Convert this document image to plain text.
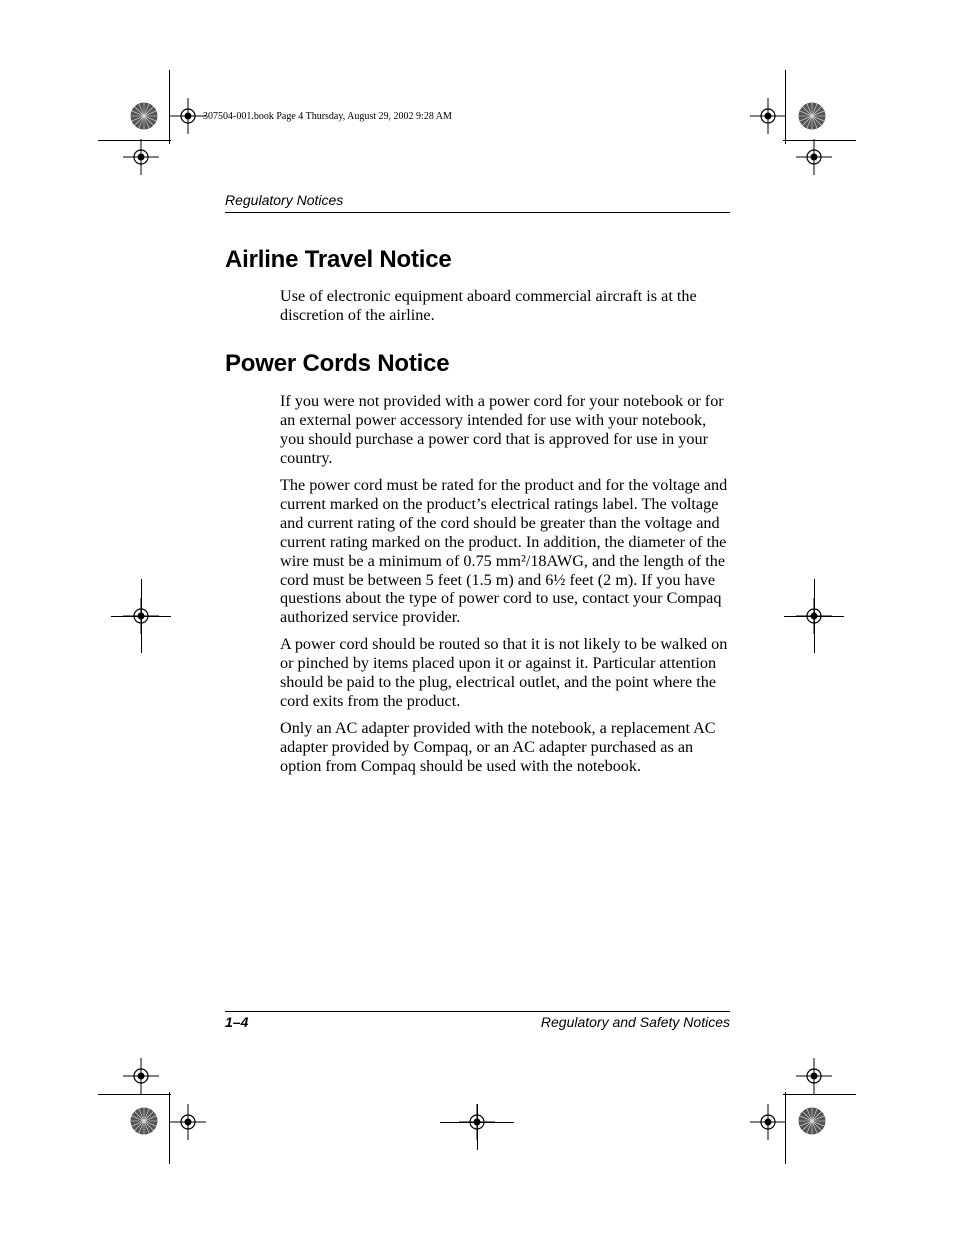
307504-001.book Page 4 Thursday, August 29, 2002 9:28 AM
Regulatory Notices
Airline Travel Notice

Use of electronic equipment aboard commercial aircraft is at the discretion of the airline.

Power Cords Notice

If you were not provided with a power cord for your notebook or for an external power accessory intended for use with your notebook, you should purchase a power cord that is approved for use in your country.

The power cord must be rated for the product and for the voltage and current marked on the product’s electrical ratings label. The voltage and current rating of the cord should be greater than the voltage and current rating marked on the product. In addition, the diameter of the wire must be a minimum of 0.75 mm²/18AWG, and the length of the cord must be between 5 feet (1.5 m) and 6½ feet (2 m). If you have questions about the type of power cord to use, contact your Compaq authorized service provider.

A power cord should be routed so that it is not likely to be walked on or pinched by items placed upon it or against it. Particular attention should be paid to the plug, electrical outlet, and the point where the cord exits from the product.

Only an AC adapter provided with the notebook, a replacement AC adapter provided by Compaq, or an AC adapter purchased as an option from Compaq should be used with the notebook.

1–4	Regulatory and Safety Notices
